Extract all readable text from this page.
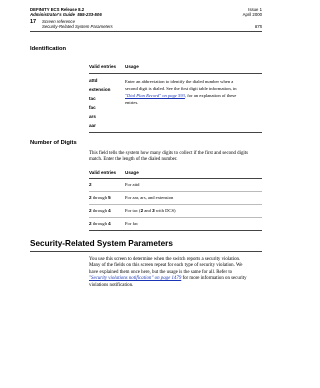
DEFINITY ECS Release 8.2
Administrator's Guide 555-233-506
Issue 1
April 2000
17 Screen reference
Security-Related System Parameters	875
Identification
Valid entries Usage
attd
extension
tac
fac
ars
aar
Enter an abbreviation to identify the dialed number when a
second digit is dialed. See the first digit table information, in
"Dial Plan Record" on page 593, for an explanation of these
entries.
Number of Digits
This field tells the system how many digits to collect if the first and second digits
match. Enter the length of the dialed number.
Valid entries Usage
2	For attd
2 through 5	For aar, ars, and extension
2 through 4	For tac (2 and 3 with DCS)
2 through 4	For fac
Security-Related System Parameters
You use this screen to determine when the switch reports a security violation.
Many of the fields on this screen repeat for each type of security violation. We
have explained them once here, but the usage is the same for all. Refer to
"Security violations notification" on page 1479 for more information on security
violations notification.
